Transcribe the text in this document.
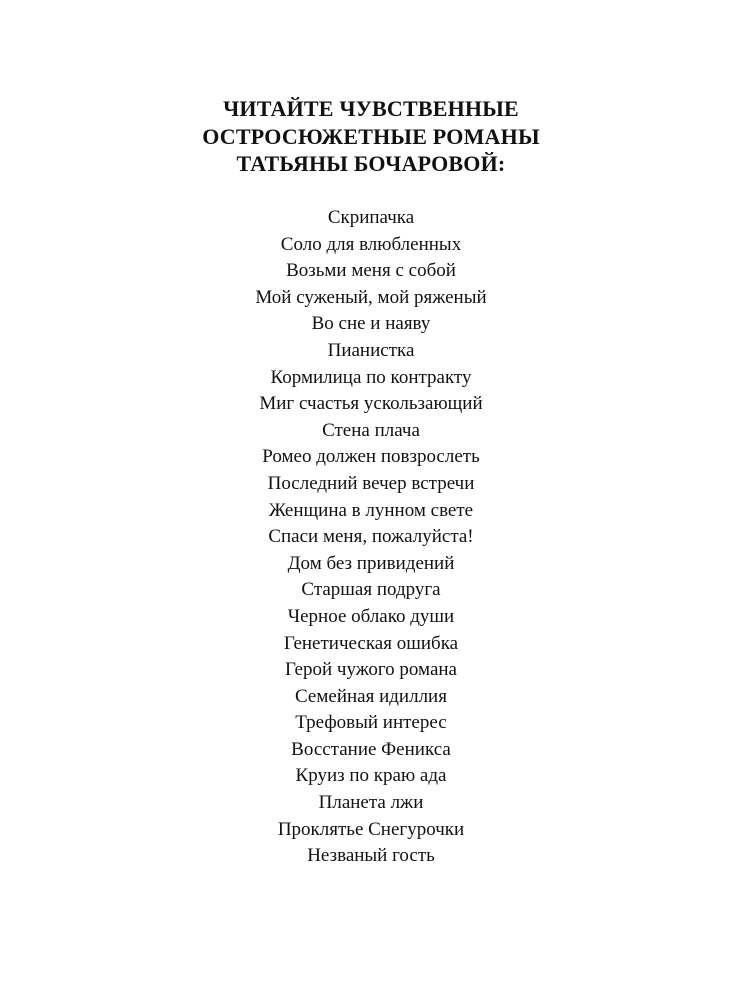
ЧИТАЙТЕ ЧУВСТВЕННЫЕ
ОСТРОСЮЖЕТНЫЕ РОМАНЫ
ТАТЬЯНЫ БОЧАРОВОЙ:
Скрипачка
Соло для влюбленных
Возьми меня с собой
Мой суженый, мой ряженый
Во сне и наяву
Пианистка
Кормилица по контракту
Миг счастья ускользающий
Стена плача
Ромео должен повзрослеть
Последний вечер встречи
Женщина в лунном свете
Спаси меня, пожалуйста!
Дом без привидений
Старшая подруга
Черное облако души
Генетическая ошибка
Герой чужого романа
Семейная идиллия
Трефовый интерес
Восстание Феникса
Круиз по краю ада
Планета лжи
Проклятье Снегурочки
Незваный гость
